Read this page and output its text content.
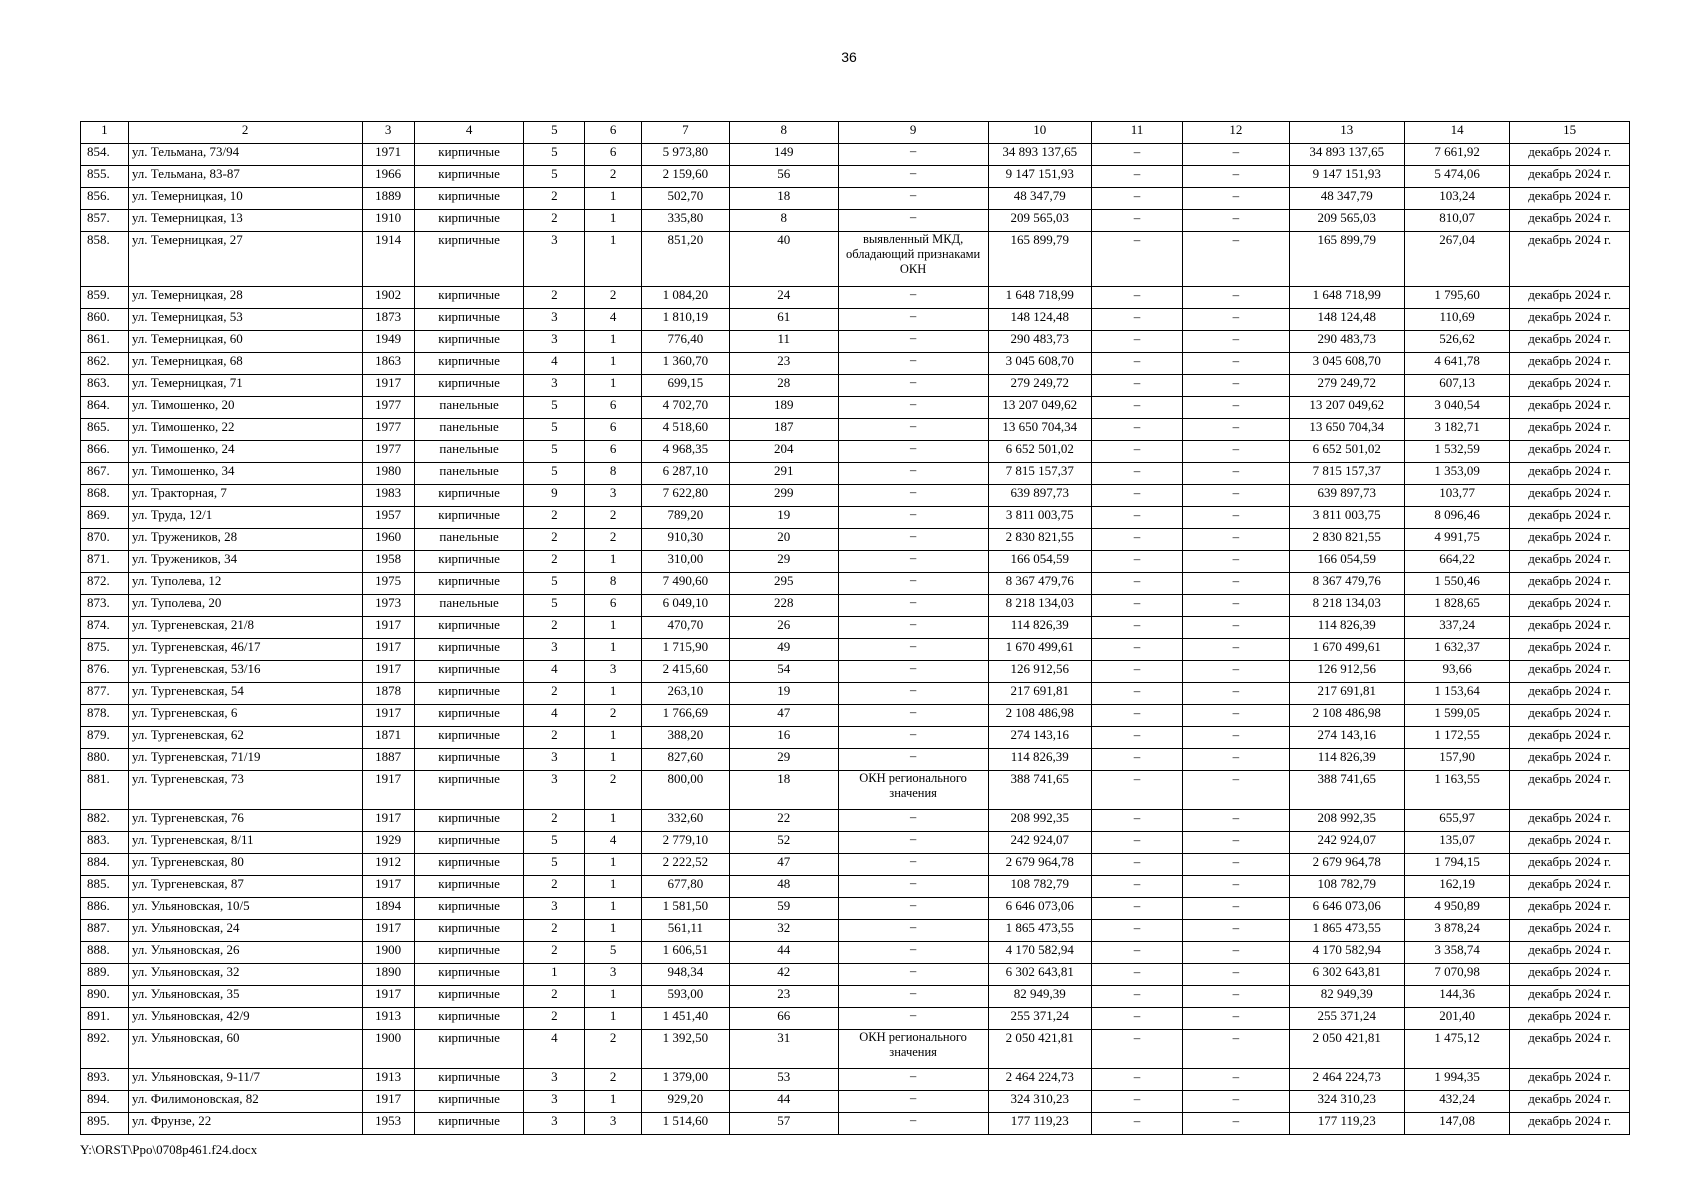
36
1	2	3	4	5	6	7	8	9	10	11	12	13	14	15
854.	ул. Тельмана, 73/94	1971	кирпичные	5	6	5 973,80	149	–	34 893 137,65	–	–	34 893 137,65	7 661,92	декабрь 2024 г.
855.	ул. Тельмана, 83-87	1966	кирпичные	5	2	2 159,60	56	–	9 147 151,93	–	–	9 147 151,93	5 474,06	декабрь 2024 г.
856.	ул. Темерницкая, 10	1889	кирпичные	2	1	502,70	18	–	48 347,79	–	–	48 347,79	103,24	декабрь 2024 г.
857.	ул. Темерницкая, 13	1910	кирпичные	2	1	335,80	8	–	209 565,03	–	–	209 565,03	810,07	декабрь 2024 г.
858.	ул. Темерницкая, 27	1914	кирпичные	3	1	851,20	40	выявленный МКД, обладающий признаками ОКН	165 899,79	–	–	165 899,79	267,04	декабрь 2024 г.
859.	ул. Темерницкая, 28	1902	кирпичные	2	2	1 084,20	24	–	1 648 718,99	–	–	1 648 718,99	1 795,60	декабрь 2024 г.
860.	ул. Темерницкая, 53	1873	кирпичные	3	4	1 810,19	61	–	148 124,48	–	–	148 124,48	110,69	декабрь 2024 г.
861.	ул. Темерницкая, 60	1949	кирпичные	3	1	776,40	11	–	290 483,73	–	–	290 483,73	526,62	декабрь 2024 г.
862.	ул. Темерницкая, 68	1863	кирпичные	4	1	1 360,70	23	–	3 045 608,70	–	–	3 045 608,70	4 641,78	декабрь 2024 г.
863.	ул. Темерницкая, 71	1917	кирпичные	3	1	699,15	28	–	279 249,72	–	–	279 249,72	607,13	декабрь 2024 г.
864.	ул. Тимошенко, 20	1977	панельные	5	6	4 702,70	189	–	13 207 049,62	–	–	13 207 049,62	3 040,54	декабрь 2024 г.
865.	ул. Тимошенко, 22	1977	панельные	5	6	4 518,60	187	–	13 650 704,34	–	–	13 650 704,34	3 182,71	декабрь 2024 г.
866.	ул. Тимошенко, 24	1977	панельные	5	6	4 968,35	204	–	6 652 501,02	–	–	6 652 501,02	1 532,59	декабрь 2024 г.
867.	ул. Тимошенко, 34	1980	панельные	5	8	6 287,10	291	–	7 815 157,37	–	–	7 815 157,37	1 353,09	декабрь 2024 г.
868.	ул. Тракторная, 7	1983	кирпичные	9	3	7 622,80	299	–	639 897,73	–	–	639 897,73	103,77	декабрь 2024 г.
869.	ул. Труда, 12/1	1957	кирпичные	2	2	789,20	19	–	3 811 003,75	–	–	3 811 003,75	8 096,46	декабрь 2024 г.
870.	ул. Тружеников, 28	1960	панельные	2	2	910,30	20	–	2 830 821,55	–	–	2 830 821,55	4 991,75	декабрь 2024 г.
871.	ул. Тружеников, 34	1958	кирпичные	2	1	310,00	29	–	166 054,59	–	–	166 054,59	664,22	декабрь 2024 г.
872.	ул. Туполева, 12	1975	кирпичные	5	8	7 490,60	295	–	8 367 479,76	–	–	8 367 479,76	1 550,46	декабрь 2024 г.
873.	ул. Туполева, 20	1973	панельные	5	6	6 049,10	228	–	8 218 134,03	–	–	8 218 134,03	1 828,65	декабрь 2024 г.
874.	ул. Тургеневская, 21/8	1917	кирпичные	2	1	470,70	26	–	114 826,39	–	–	114 826,39	337,24	декабрь 2024 г.
875.	ул. Тургеневская, 46/17	1917	кирпичные	3	1	1 715,90	49	–	1 670 499,61	–	–	1 670 499,61	1 632,37	декабрь 2024 г.
876.	ул. Тургеневская, 53/16	1917	кирпичные	4	3	2 415,60	54	–	126 912,56	–	–	126 912,56	93,66	декабрь 2024 г.
877.	ул. Тургеневская, 54	1878	кирпичные	2	1	263,10	19	–	217 691,81	–	–	217 691,81	1 153,64	декабрь 2024 г.
878.	ул. Тургеневская, 6	1917	кирпичные	4	2	1 766,69	47	–	2 108 486,98	–	–	2 108 486,98	1 599,05	декабрь 2024 г.
879.	ул. Тургеневская, 62	1871	кирпичные	2	1	388,20	16	–	274 143,16	–	–	274 143,16	1 172,55	декабрь 2024 г.
880.	ул. Тургеневская, 71/19	1887	кирпичные	3	1	827,60	29	–	114 826,39	–	–	114 826,39	157,90	декабрь 2024 г.
881.	ул. Тургеневская, 73	1917	кирпичные	3	2	800,00	18	ОКН регионального значения	388 741,65	–	–	388 741,65	1 163,55	декабрь 2024 г.
882.	ул. Тургеневская, 76	1917	кирпичные	2	1	332,60	22	–	208 992,35	–	–	208 992,35	655,97	декабрь 2024 г.
883.	ул. Тургеневская, 8/11	1929	кирпичные	5	4	2 779,10	52	–	242 924,07	–	–	242 924,07	135,07	декабрь 2024 г.
884.	ул. Тургеневская, 80	1912	кирпичные	5	1	2 222,52	47	–	2 679 964,78	–	–	2 679 964,78	1 794,15	декабрь 2024 г.
885.	ул. Тургеневская, 87	1917	кирпичные	2	1	677,80	48	–	108 782,79	–	–	108 782,79	162,19	декабрь 2024 г.
886.	ул. Ульяновская, 10/5	1894	кирпичные	3	1	1 581,50	59	–	6 646 073,06	–	–	6 646 073,06	4 950,89	декабрь 2024 г.
887.	ул. Ульяновская, 24	1917	кирпичные	2	1	561,11	32	–	1 865 473,55	–	–	1 865 473,55	3 878,24	декабрь 2024 г.
888.	ул. Ульяновская, 26	1900	кирпичные	2	5	1 606,51	44	–	4 170 582,94	–	–	4 170 582,94	3 358,74	декабрь 2024 г.
889.	ул. Ульяновская, 32	1890	кирпичные	1	3	948,34	42	–	6 302 643,81	–	–	6 302 643,81	7 070,98	декабрь 2024 г.
890.	ул. Ульяновская, 35	1917	кирпичные	2	1	593,00	23	–	82 949,39	–	–	82 949,39	144,36	декабрь 2024 г.
891.	ул. Ульяновская, 42/9	1913	кирпичные	2	1	1 451,40	66	–	255 371,24	–	–	255 371,24	201,40	декабрь 2024 г.
892.	ул. Ульяновская, 60	1900	кирпичные	4	2	1 392,50	31	ОКН регионального значения	2 050 421,81	–	–	2 050 421,81	1 475,12	декабрь 2024 г.
893.	ул. Ульяновская, 9-11/7	1913	кирпичные	3	2	1 379,00	53	–	2 464 224,73	–	–	2 464 224,73	1 994,35	декабрь 2024 г.
894.	ул. Филимоновская, 82	1917	кирпичные	3	1	929,20	44	–	324 310,23	–	–	324 310,23	432,24	декабрь 2024 г.
895.	ул. Фрунзе, 22	1953	кирпичные	3	3	1 514,60	57	–	177 119,23	–	–	177 119,23	147,08	декабрь 2024 г.
Y:\ORST\Ppo\0708p461.f24.docx
